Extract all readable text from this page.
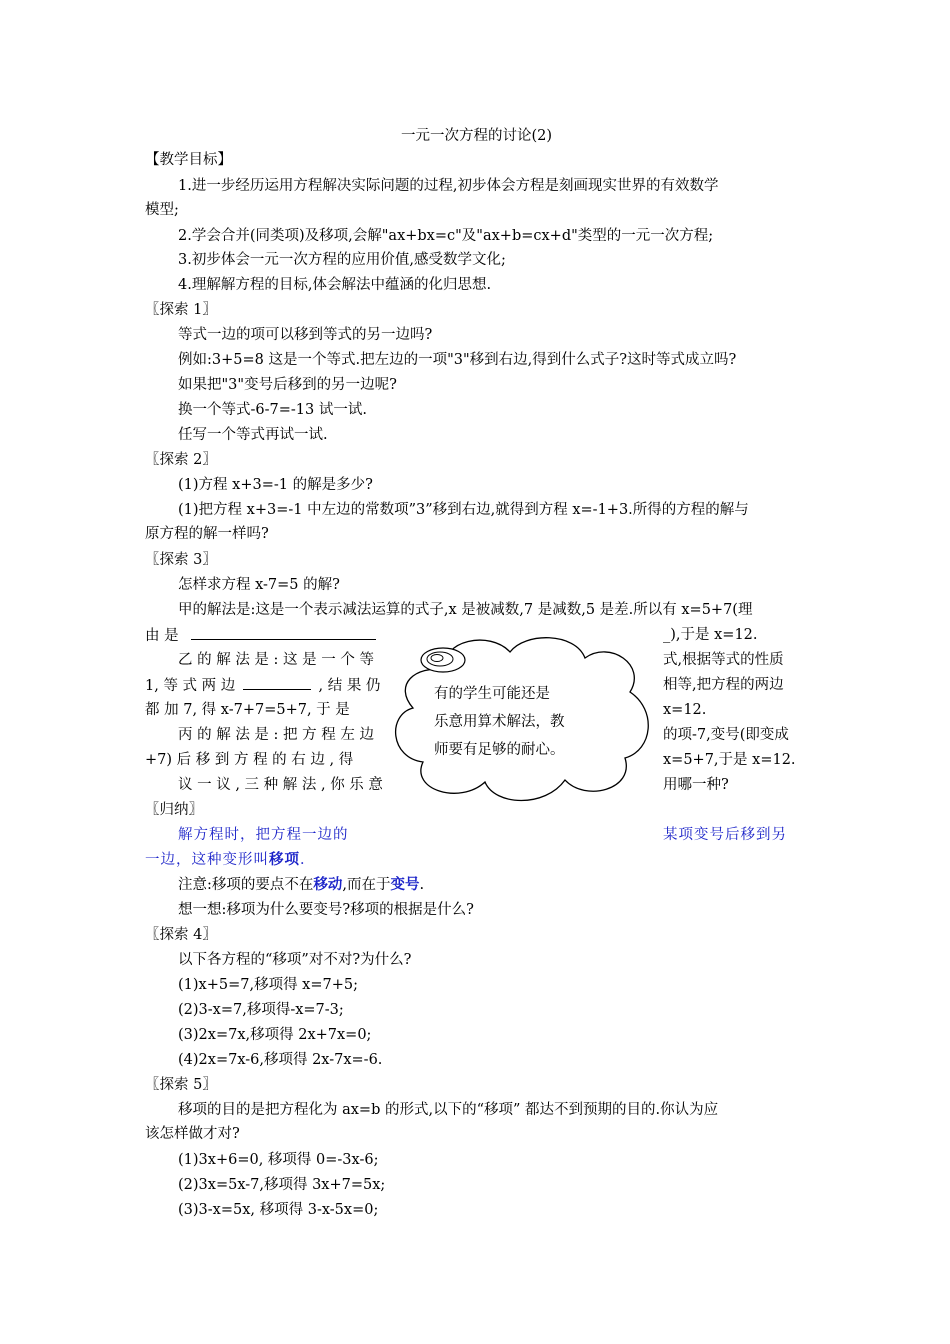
一元一次方程的讨论(2)
【教学目标】
1.进一步经历运用方程解决实际问题的过程,初步体会方程是刻画现实世界的有效数学
模型;
2.学会合并(同类项)及移项,会解"ax+bx=c"及"ax+b=cx+d"类型的一元一次方程;
3.初步体会一元一次方程的应用价值,感受数学文化;
4.理解解方程的目标,体会解法中蕴涵的化归思想.
〖探索 1〗
等式一边的项可以移到等式的另一边吗?
例如:3+5=8 这是一个等式.把左边的一项"3"移到右边,得到什么式子?这时等式成立吗?
如果把"3"变号后移到的另一边呢?
换一个等式-6-7=-13 试一试.
任写一个等式再试一试.
〖探索 2〗
(1)方程 x+3=-1 的解是多少?
(1)把方程 x+3=-1 中左边的常数项”3”移到右边,就得到方程 x=-1+3.所得的方程的解与
原方程的解一样吗?
〖探索 3〗
怎样求方程 x-7=5 的解?
甲的解法是:这是一个表示减法运算的式子,x 是被减数,7 是减数,5 是差.所以有 x=5+7(理
由 是	_),于是 x=12.
乙 的 解 法 是 : 这 是 一 个 等	式,根据等式的性质
1, 等 式 两 边	, 结 果 仍	相等,把方程的两边
都 加 7, 得 x-7+7=5+7, 于 是	x=12.
丙 的 解 法 是 : 把 方 程 左 边	的项-7,变号(即变成
+7) 后 移 到 方 程 的 右 边 , 得	x=5+7,于是 x=12.
议 一 议 , 三 种 解 法 , 你 乐 意	用哪一种?
有的学生可能还是
乐意用算术解法，教
师要有足够的耐心。
〖归纳〗
解方程时，把方程一边的	某项变号后移到另
一边，这种变形叫移项．
注意:移项的要点不在移动,而在于变号.
想一想:移项为什么要变号?移项的根据是什么?
〖探索 4〗
以下各方程的“移项”对不对?为什么?
(1)x+5=7,移项得 x=7+5;
(2)3-x=7,移项得-x=7-3;
(3)2x=7x,移项得 2x+7x=0;
(4)2x=7x-6,移项得 2x-7x=-6.
〖探索 5〗
移项的目的是把方程化为 ax=b 的形式,以下的“移项” 都达不到预期的目的.你认为应
该怎样做才对?
(1)3x+6=0, 移项得 0=-3x-6;
(2)3x=5x-7,移项得 3x+7=5x;
(3)3-x=5x, 移项得 3-x-5x=0;
